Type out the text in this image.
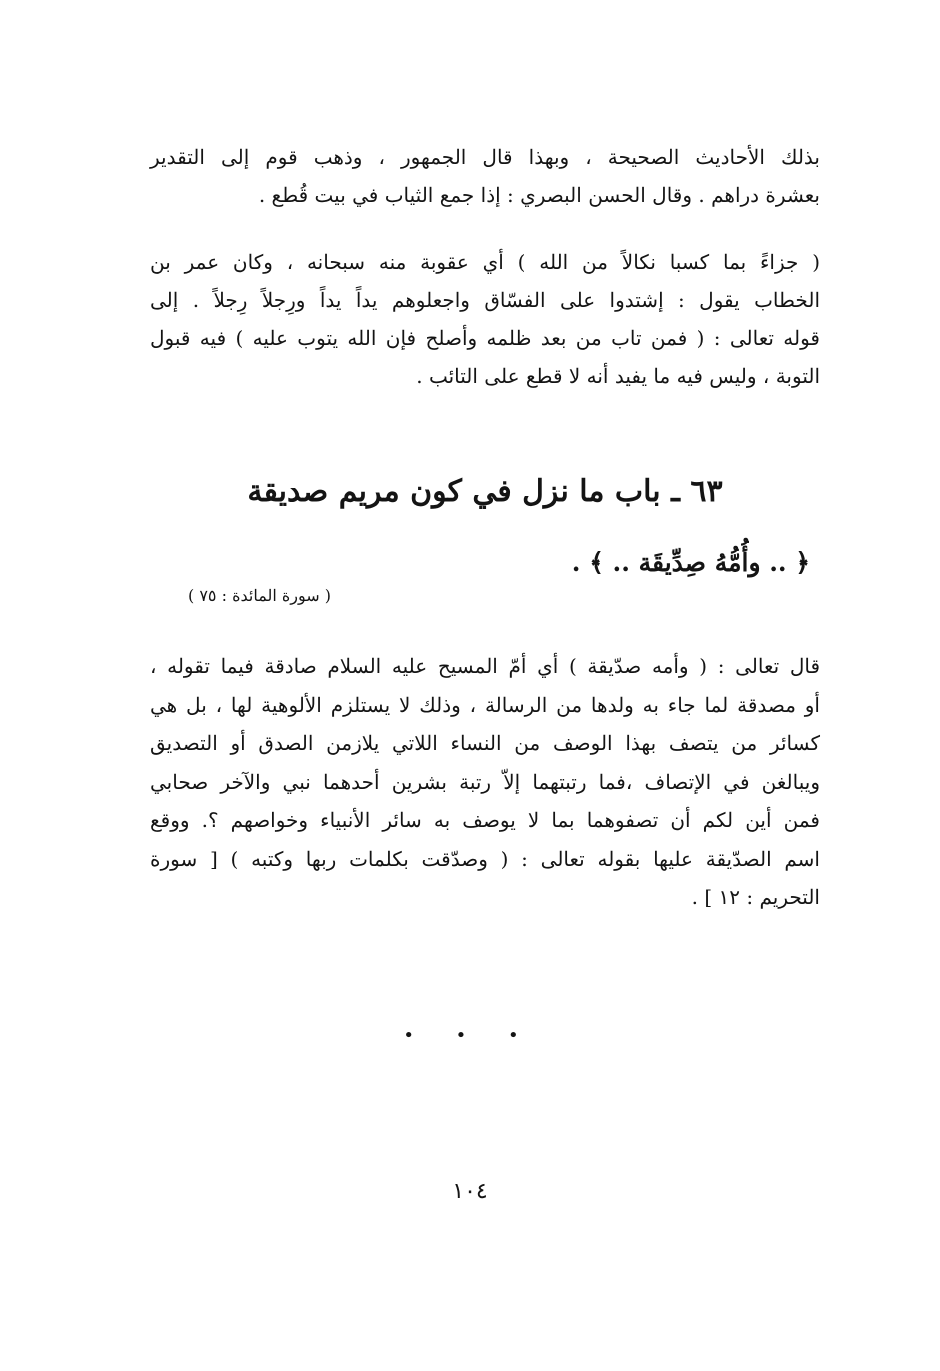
بذلك الأحاديث الصحيحة ، وبهذا قال الجمهور ، وذهب قوم إلى التقدير
بعشرة دراهم . وقال الحسن البصري : إذا جمع الثياب في بيت قُطع .
( جزاءً بما كسبا نكالاً من الله ) أي عقوبة منه سبحانه ، وكان عمر بن
الخطاب يقول : إشتدوا على الفسّاق واجعلوهم يداً يداً ورِجلاً رِجلاً . إلى
قوله تعالى : ( فمن تاب من بعد ظلمه وأصلح فإن الله يتوب عليه ) فيه قبول
التوبة ، وليس فيه ما يفيد أنه لا قطع على التائب .
٦٣ ـ باب ما نزل في كون مريم صديقة
﴿ .. وأُمُّهُ صِدِّيقَة .. ﴾ .
( سورة المائدة : ٧٥ )
قال تعالى : ( وأمه صدّيقة ) أي أمّ المسيح عليه السلام صادقة فيما تقوله ،
أو مصدقة لما جاء به ولدها من الرسالة ، وذلك لا يستلزم الألوهية لها ، بل هي
كسائر من يتصف بهذا الوصف من النساء اللاتي يلازمن الصدق أو التصديق
ويبالغن في الإتصاف ،فما رتبتهما إلاّ رتبة بشرين أحدهما نبي والآخر صحابي
فمن أين لكم أن تصفوهما بما لا يوصف به سائر الأنبياء وخواصهم ؟. ووقع
اسم الصدّيقة عليها بقوله تعالى : ( وصدّقت بكلمات ربها وكتبه ) [ سورة
التحريم : ١٢ ] .
• • •
١٠٤
